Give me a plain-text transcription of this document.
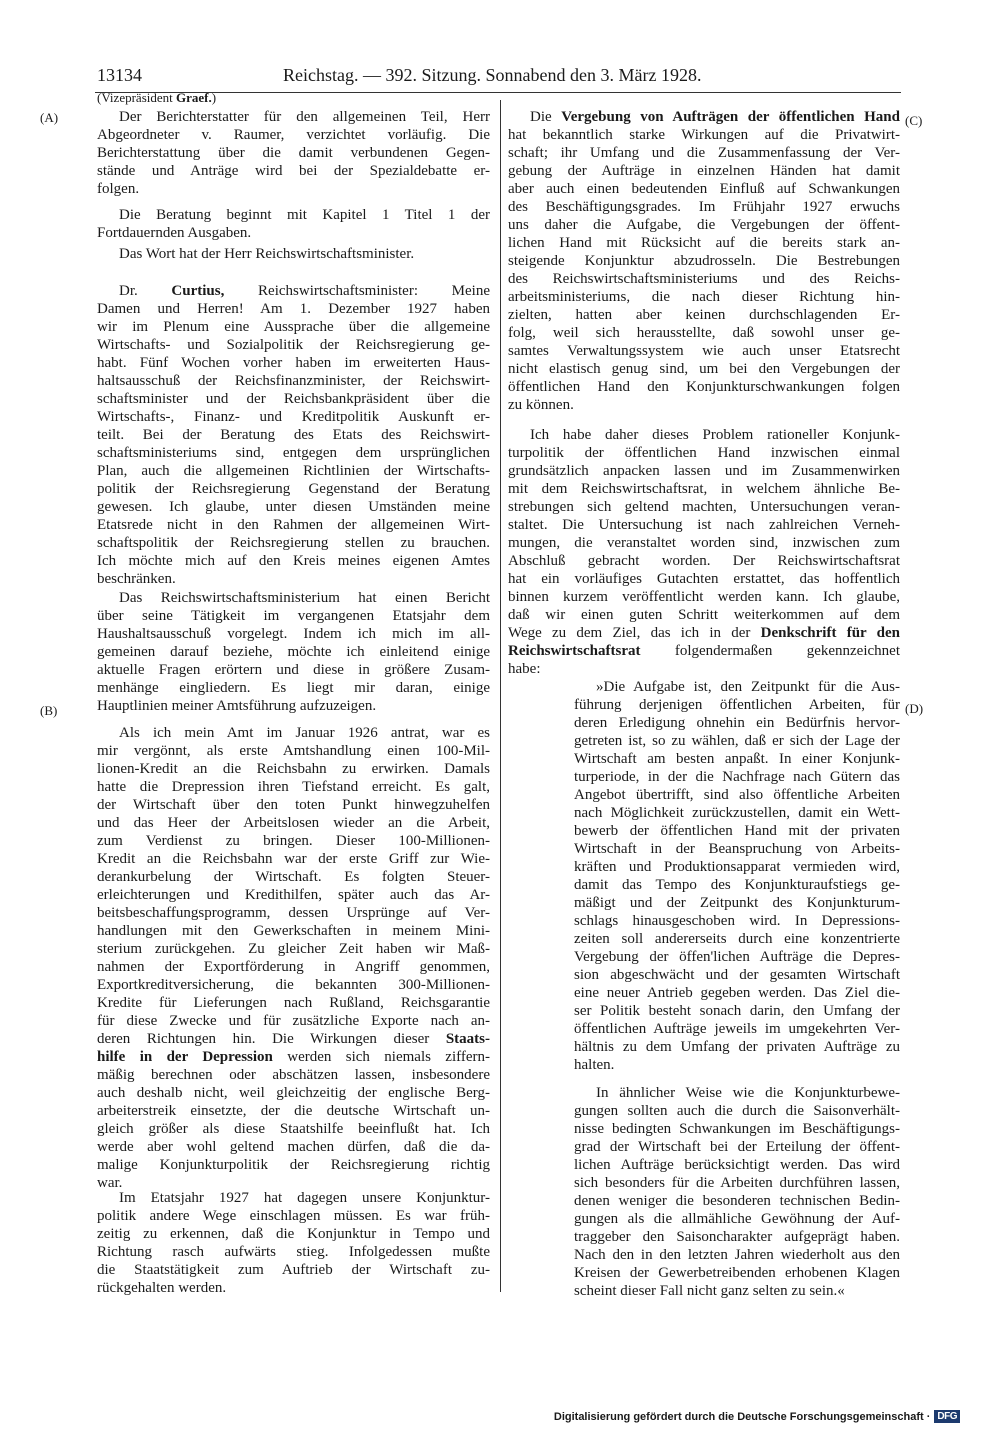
13134	Reichstag. — 392. Sitzung. Sonnabend den 3. März 1928.
(A)
(B)
(C)
(D)
(Vizepräsident Graef.)
Der Berichterstatter für den allgemeinen Teil, Herr
Abgeordneter v. Raumer, verzichtet vorläufig. Die
Berichterstattung über die damit verbundenen Gegen-
stände und Anträge wird bei der Spezialdebatte er-
folgen.
Die Beratung beginnt mit Kapitel 1 Titel 1 der
Fortdauernden Ausgaben.
Das Wort hat der Herr Reichswirtschaftsminister.
Dr. Curtius, Reichswirtschaftsminister: Meine
Damen und Herren! Am 1. Dezember 1927 haben
wir im Plenum eine Aussprache über die allgemeine
Wirtschafts- und Sozialpolitik der Reichsregierung ge-
habt. Fünf Wochen vorher haben im erweiterten Haus-
haltsausschuß der Reichsfinanzminister, der Reichswirt-
schaftsminister und der Reichsbankpräsident über die
Wirtschafts-, Finanz- und Kreditpolitik Auskunft er-
teilt. Bei der Beratung des Etats des Reichswirt-
schaftsministeriums sind, entgegen dem ursprünglichen
Plan, auch die allgemeinen Richtlinien der Wirtschafts-
politik der Reichsregierung Gegenstand der Beratung
gewesen. Ich glaube, unter diesen Umständen meine
Etatsrede nicht in den Rahmen der allgemeinen Wirt-
schaftspolitik der Reichsregierung stellen zu brauchen.
Ich möchte mich auf den Kreis meines eigenen Amtes
beschränken.
Das Reichswirtschaftsministerium hat einen Bericht
über seine Tätigkeit im vergangenen Etatsjahr dem
Haushaltsausschuß vorgelegt. Indem ich mich im all-
gemeinen darauf beziehe, möchte ich einleitend einige
aktuelle Fragen erörtern und diese in größere Zusam-
menhänge eingliedern. Es liegt mir daran, einige
Hauptlinien meiner Amtsführung aufzuzeigen.
Als ich mein Amt im Januar 1926 antrat, war es
mir vergönnt, als erste Amtshandlung einen 100-Mil-
lionen-Kredit an die Reichsbahn zu erwirken. Damals
hatte die Drepression ihren Tiefstand erreicht. Es galt,
der Wirtschaft über den toten Punkt hinwegzuhelfen
und das Heer der Arbeitslosen wieder an die Arbeit,
zum Verdienst zu bringen. Dieser 100-Millionen-
Kredit an die Reichsbahn war der erste Griff zur Wie-
derankurbelung der Wirtschaft. Es folgten Steuer-
erleichterungen und Kredithilfen, später auch das Ar-
beitsbeschaffungsprogramm, dessen Ursprünge auf Ver-
handlungen mit den Gewerkschaften in meinem Mini-
sterium zurückgehen. Zu gleicher Zeit haben wir Maß-
nahmen der Exportförderung in Angriff genommen,
Exportkreditversicherung, die bekannten 300-Millionen-
Kredite für Lieferungen nach Rußland, Reichsgarantie
für diese Zwecke und für zusätzliche Exporte nach an-
deren Richtungen hin. Die Wirkungen dieser Staats-
hilfe in der Depression werden sich niemals ziffern-
mäßig berechnen oder abschätzen lassen, insbesondere
auch deshalb nicht, weil gleichzeitig der englische Berg-
arbeiterstreik einsetzte, der die deutsche Wirtschaft un-
gleich größer als diese Staatshilfe beeinflußt hat. Ich
werde aber wohl geltend machen dürfen, daß die da-
malige Konjunkturpolitik der Reichsregierung richtig
war.
Im Etatsjahr 1927 hat dagegen unsere Konjunktur-
politik andere Wege einschlagen müssen. Es war früh-
zeitig zu erkennen, daß die Konjunktur in Tempo und
Richtung rasch aufwärts stieg. Infolgedessen mußte
die Staatstätigkeit zum Auftrieb der Wirtschaft zu-
rückgehalten werden.
Die Vergebung von Aufträgen der öffentlichen Hand
hat bekanntlich starke Wirkungen auf die Privatwirt-
schaft; ihr Umfang und die Zusammenfassung der Ver-
gebung der Aufträge in einzelnen Händen hat damit
aber auch einen bedeutenden Einfluß auf Schwankungen
des Beschäftigungsgrades. Im Frühjahr 1927 erwuchs
uns daher die Aufgabe, die Vergebungen der öffent-
lichen Hand mit Rücksicht auf die bereits stark an-
steigende Konjunktur abzudrosseln. Die Bestrebungen
des Reichswirtschaftsministeriums und des Reichs-
arbeitsministeriums, die nach dieser Richtung hin-
zielten, hatten aber keinen durchschlagenden Er-
folg, weil sich herausstellte, daß sowohl unser ge-
samtes Verwaltungssystem wie auch unser Etatsrecht
nicht elastisch genug sind, um bei den Vergebungen der
öffentlichen Hand den Konjunkturschwankungen folgen
zu können.
Ich habe daher dieses Problem rationeller Konjunk-
turpolitik der öffentlichen Hand inzwischen einmal
grundsätzlich anpacken lassen und im Zusammenwirken
mit dem Reichswirtschaftsrat, in welchem ähnliche Be-
strebungen sich geltend machten, Untersuchungen veran-
staltet. Die Untersuchung ist nach zahlreichen Verneh-
mungen, die veranstaltet worden sind, inzwischen zum
Abschluß gebracht worden. Der Reichswirtschaftsrat
hat ein vorläufiges Gutachten erstattet, das hoffentlich
binnen kurzem veröffentlicht werden kann. Ich glaube,
daß wir einen guten Schritt weiterkommen auf dem
Wege zu dem Ziel, das ich in der Denkschrift für den
Reichswirtschaftsrat folgendermaßen gekennzeichnet
habe:
»Die Aufgabe ist, den Zeitpunkt für die Aus-
führung derjenigen öffentlichen Arbeiten, für
deren Erledigung ohnehin ein Bedürfnis hervor-
getreten ist, so zu wählen, daß er sich der Lage der
Wirtschaft am besten anpaßt. In einer Konjunk-
turperiode, in der die Nachfrage nach Gütern das
Angebot übertrifft, sind also öffentliche Arbeiten
nach Möglichkeit zurückzustellen, damit ein Wett-
bewerb der öffentlichen Hand mit der privaten
Wirtschaft in der Beanspruchung von Arbeits-
kräften und Produktionsapparat vermieden wird,
damit das Tempo des Konjunkturaufstiegs ge-
mäßigt und der Zeitpunkt des Konjunkturum-
schlags hinausgeschoben wird. In Depressions-
zeiten soll andererseits durch eine konzentrierte
Vergebung der öffen'lichen Aufträge die Depres-
sion abgeschwächt und der gesamten Wirtschaft
eine neuer Antrieb gegeben werden. Das Ziel die-
ser Politik besteht sonach darin, den Umfang der
öffentlichen Aufträge jeweils im umgekehrten Ver-
hältnis zu dem Umfang der privaten Aufträge zu
halten.
In ähnlicher Weise wie die Konjunkturbewe-
gungen sollten auch die durch die Saisonverhält-
nisse bedingten Schwankungen im Beschäftigungs-
grad der Wirtschaft bei der Erteilung der öffent-
lichen Aufträge berücksichtigt werden. Das wird
sich besonders für die Arbeiten durchführen lassen,
denen weniger die besonderen technischen Bedin-
gungen als die allmähliche Gewöhnung der Auf-
traggeber den Saisoncharakter aufgeprägt haben.
Nach den in den letzten Jahren wiederholt aus den
Kreisen der Gewerbetreibenden erhobenen Klagen
scheint dieser Fall nicht ganz selten zu sein.«
Digitalisierung gefördert durch die Deutsche Forschungsgemeinschaft · DFG
